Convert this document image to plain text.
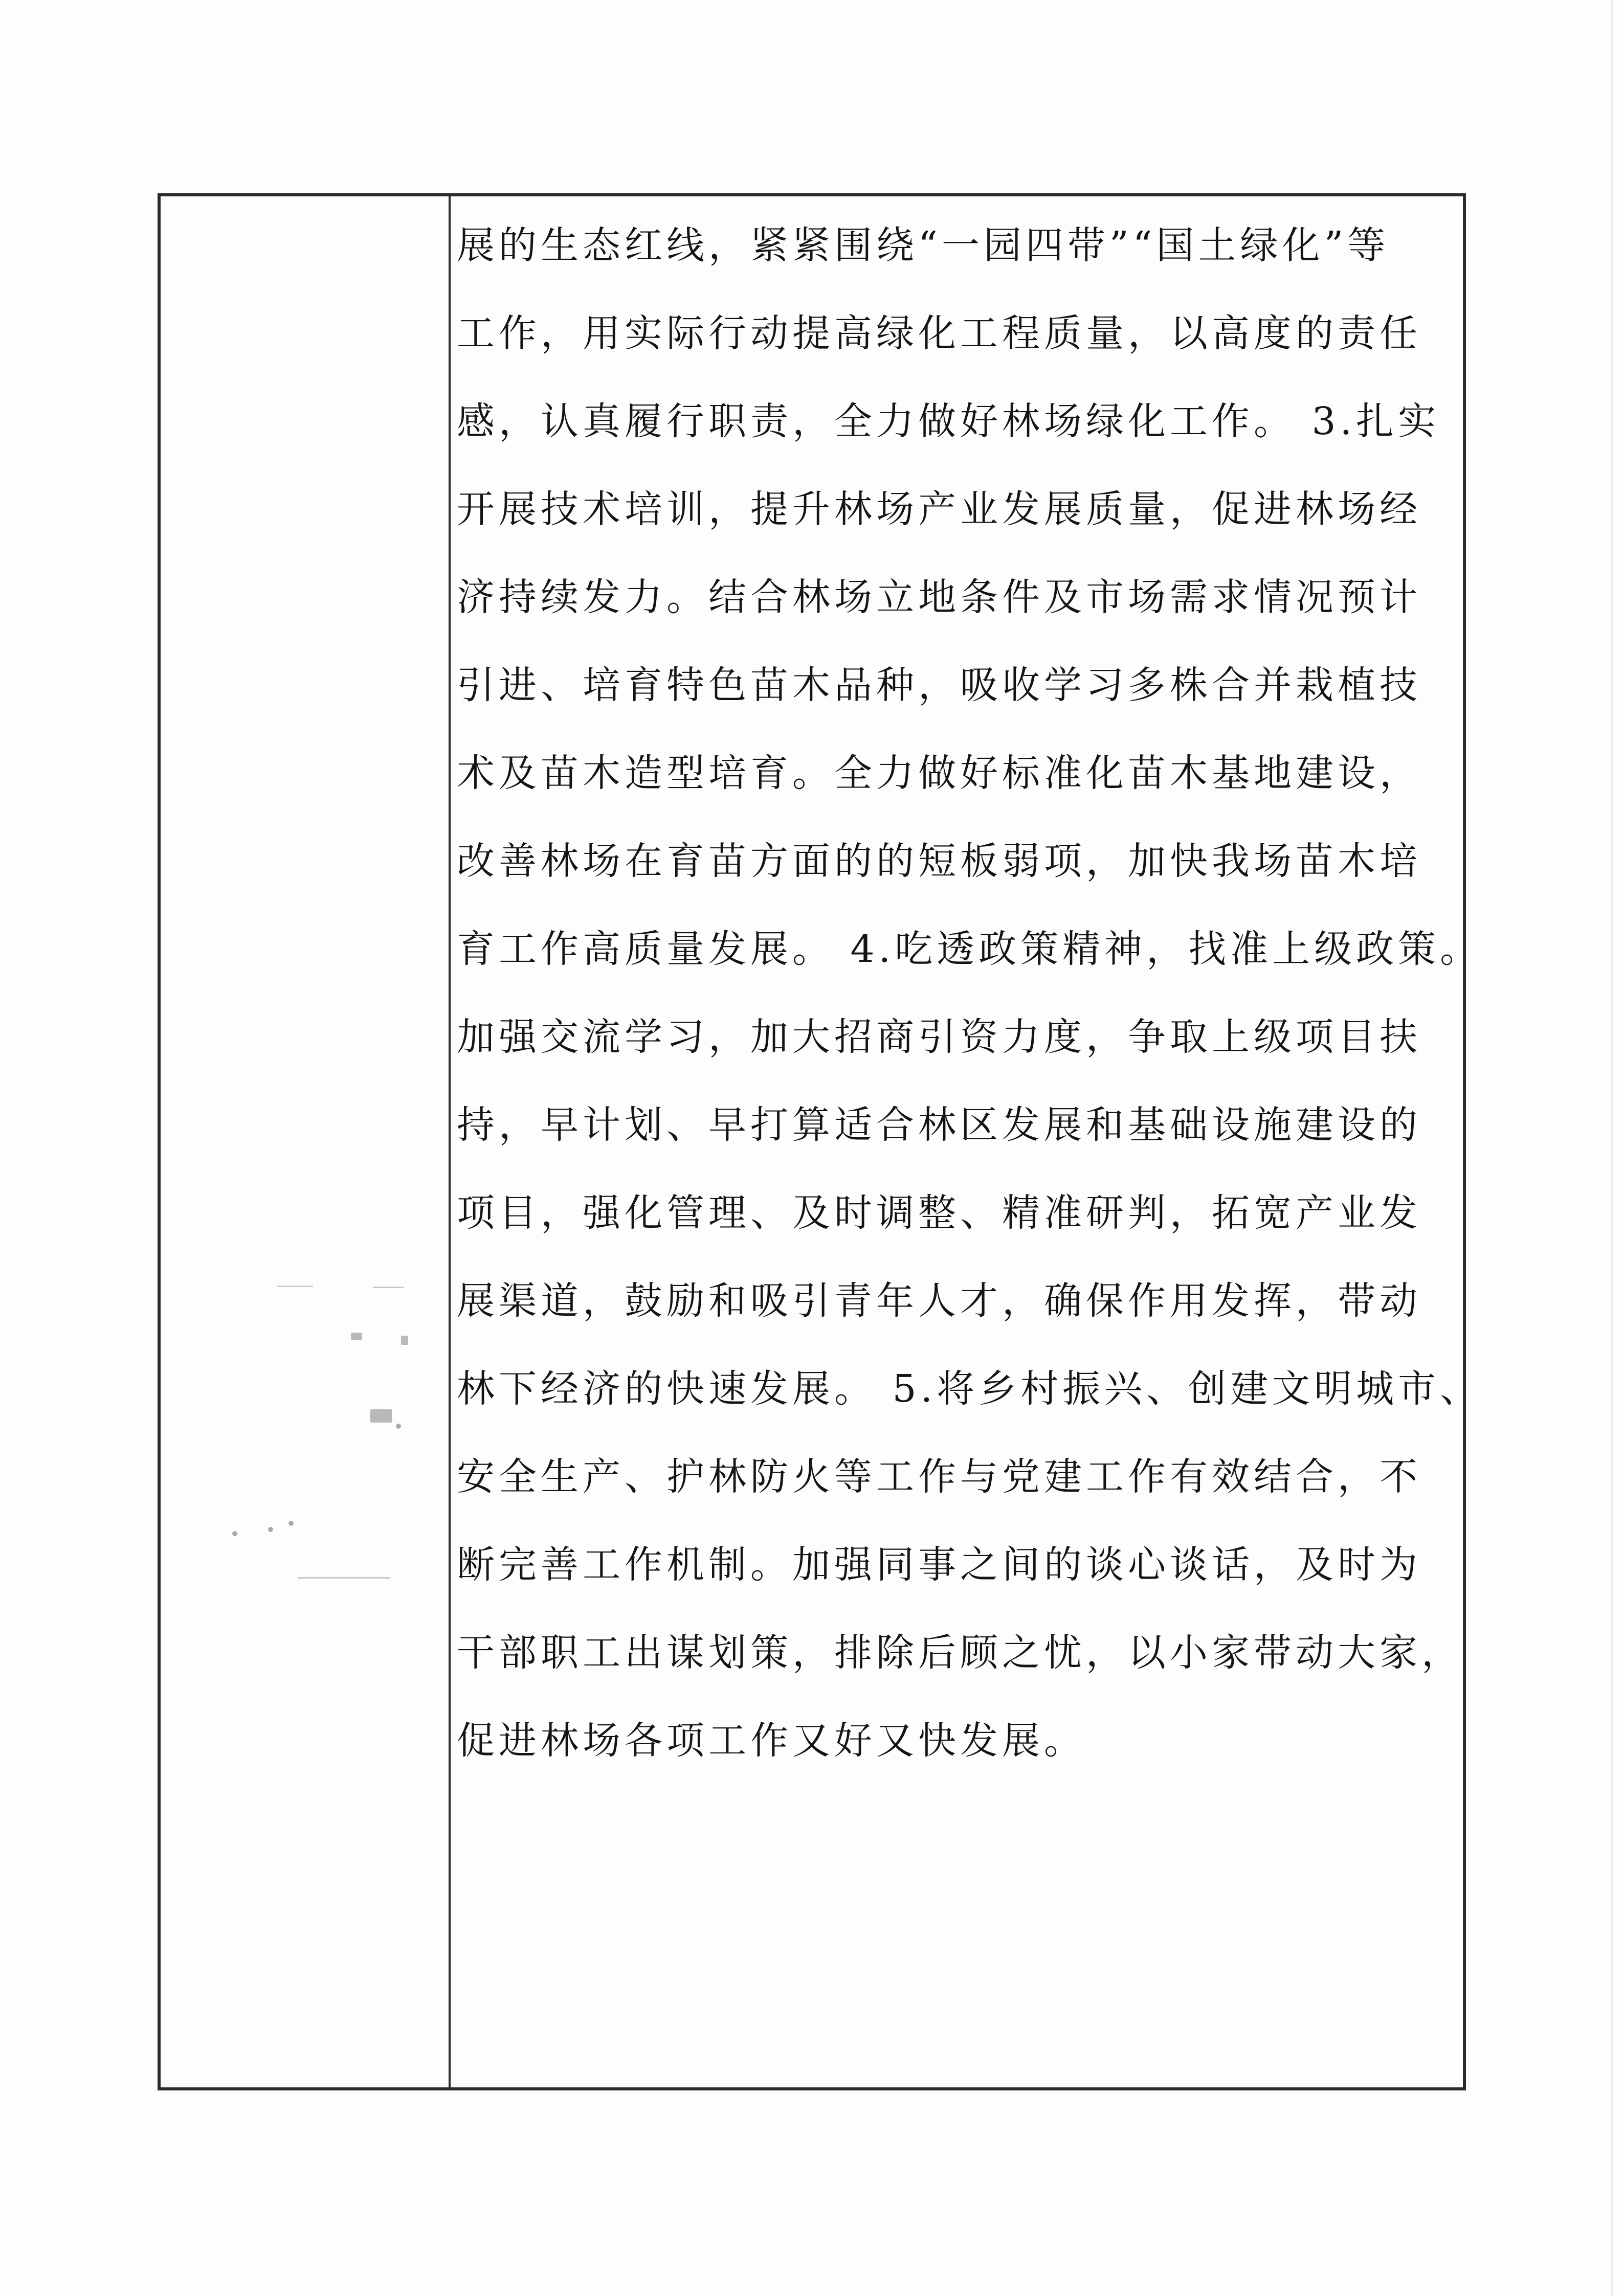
展的生态红线，紧紧围绕“一园四带”“国土绿化”等
工作，用实际行动提高绿化工程质量，以高度的责任
感，认真履行职责，全力做好林场绿化工作。 3.扎实
开展技术培训，提升林场产业发展质量，促进林场经
济持续发力。结合林场立地条件及市场需求情况预计
引进、培育特色苗木品种，吸收学习多株合并栽植技
术及苗木造型培育。全力做好标准化苗木基地建设，
改善林场在育苗方面的的短板弱项，加快我场苗木培
育工作高质量发展。 4.吃透政策精神，找准上级政策。
加强交流学习，加大招商引资力度，争取上级项目扶
持，早计划、早打算适合林区发展和基础设施建设的
项目，强化管理、及时调整、精准研判，拓宽产业发
展渠道，鼓励和吸引青年人才，确保作用发挥，带动
林下经济的快速发展。 5.将乡村振兴、创建文明城市、
安全生产、护林防火等工作与党建工作有效结合，不
断完善工作机制。加强同事之间的谈心谈话，及时为
干部职工出谋划策，排除后顾之忧，以小家带动大家，
促进林场各项工作又好又快发展。
